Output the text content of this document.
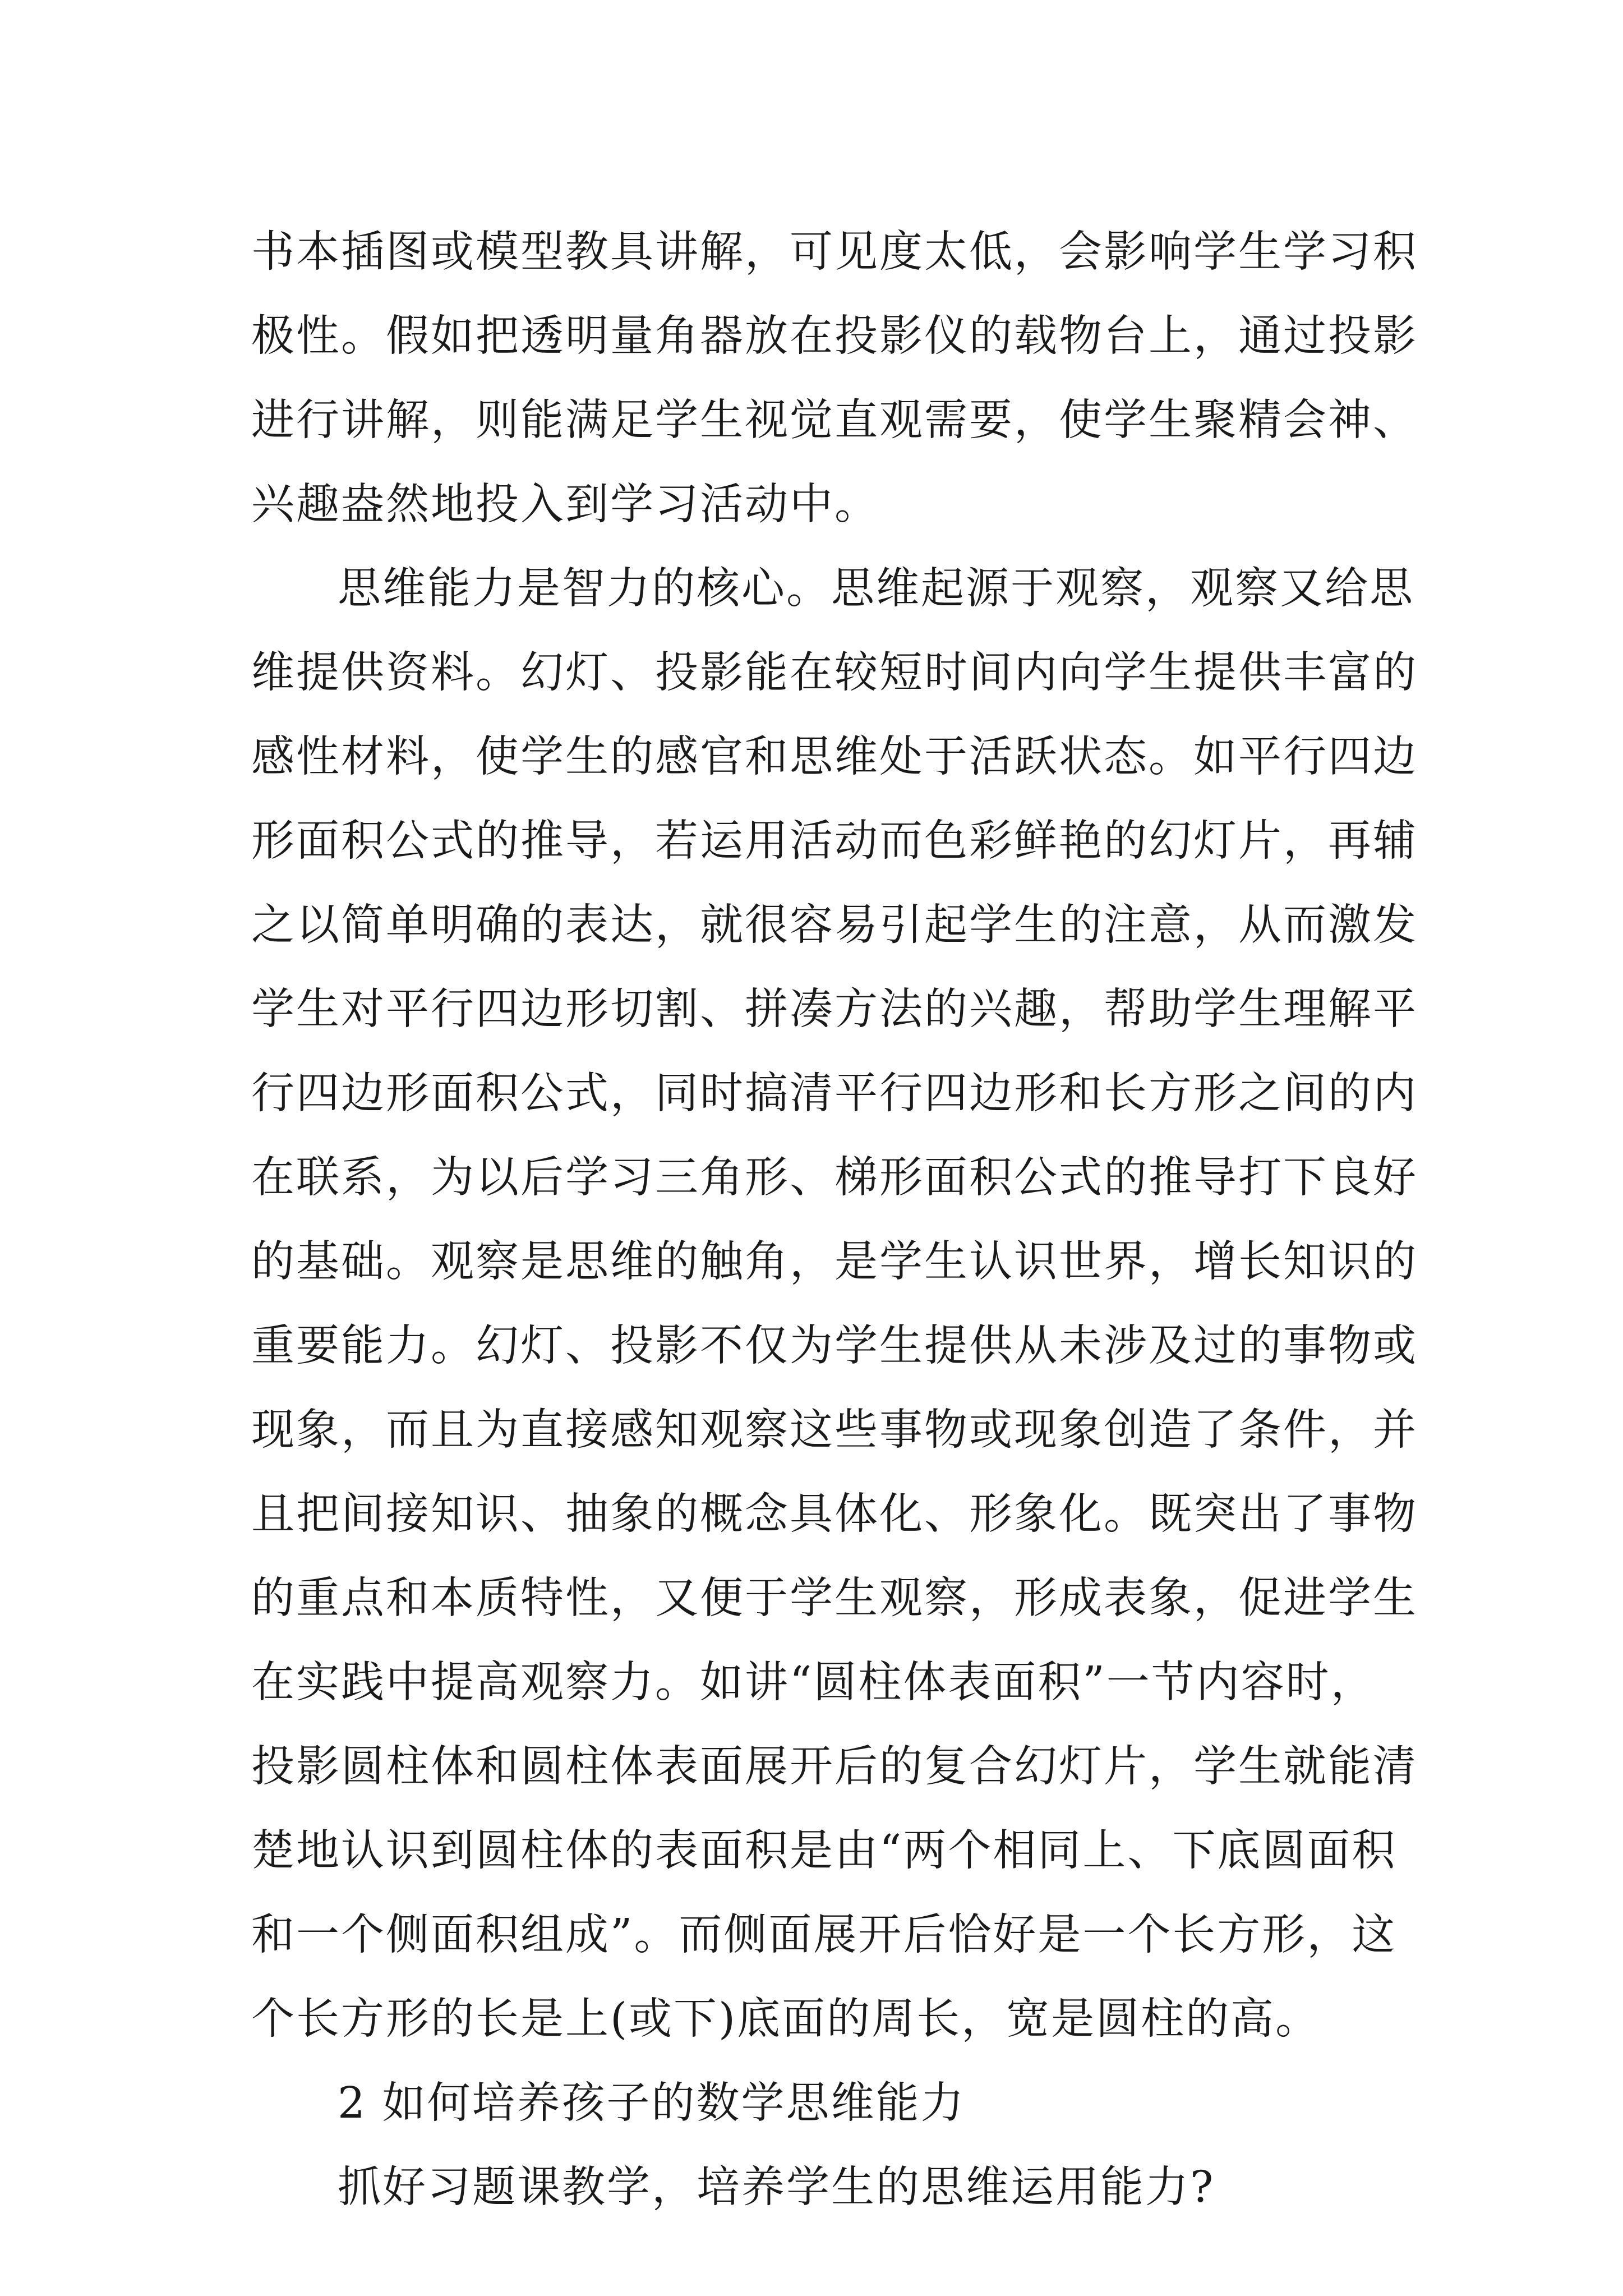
书本插图或模型教具讲解，可见度太低，会影响学生学习积
极性。假如把透明量角器放在投影仪的载物台上，通过投影
进行讲解，则能满足学生视觉直观需要，使学生聚精会神、
兴趣盎然地投入到学习活动中。
思维能力是智力的核心。思维起源于观察，观察又给思
维提供资料。幻灯、投影能在较短时间内向学生提供丰富的
感性材料，使学生的感官和思维处于活跃状态。如平行四边
形面积公式的推导，若运用活动而色彩鲜艳的幻灯片，再辅
之以简单明确的表达，就很容易引起学生的注意，从而激发
学生对平行四边形切割、拼凑方法的兴趣，帮助学生理解平
行四边形面积公式，同时搞清平行四边形和长方形之间的内
在联系，为以后学习三角形、梯形面积公式的推导打下良好
的基础。观察是思维的触角，是学生认识世界，增长知识的
重要能力。幻灯、投影不仅为学生提供从未涉及过的事物或
现象，而且为直接感知观察这些事物或现象创造了条件，并
且把间接知识、抽象的概念具体化、形象化。既突出了事物
的重点和本质特性，又便于学生观察，形成表象，促进学生
在实践中提高观察力。如讲“圆柱体表面积”一节内容时，
投影圆柱体和圆柱体表面展开后的复合幻灯片，学生就能清
楚地认识到圆柱体的表面积是由“两个相同上、下底圆面积
和一个侧面积组成”。而侧面展开后恰好是一个长方形，这
个长方形的长是上(或下)底面的周长，宽是圆柱的高。
2 如何培养孩子的数学思维能力
抓好习题课教学，培养学生的思维运用能力?
